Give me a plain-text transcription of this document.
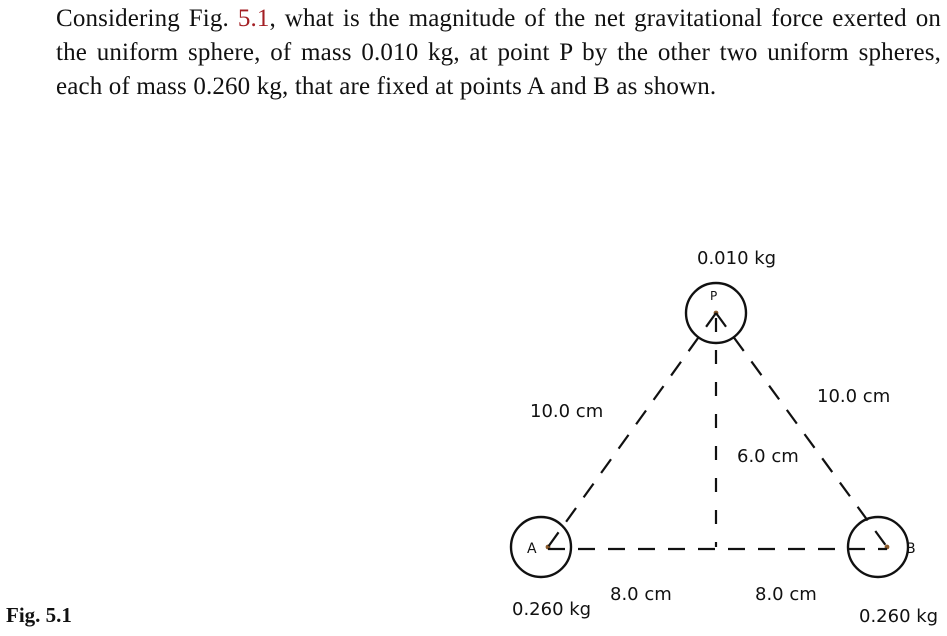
Considering Fig. 5.1, what is the magnitude of the net gravitational force exerted on the uniform sphere, of mass 0.010 kg, at point P by the other two uniform spheres, each of mass 0.260 kg, that are fixed at points A and B as shown.
Fig. 5.1
0.010 kg
P
A	B
10.0 cm
10.0 cm
6.0 cm
8.0 cm	8.0 cm
0.260 kg	0.260 kg
